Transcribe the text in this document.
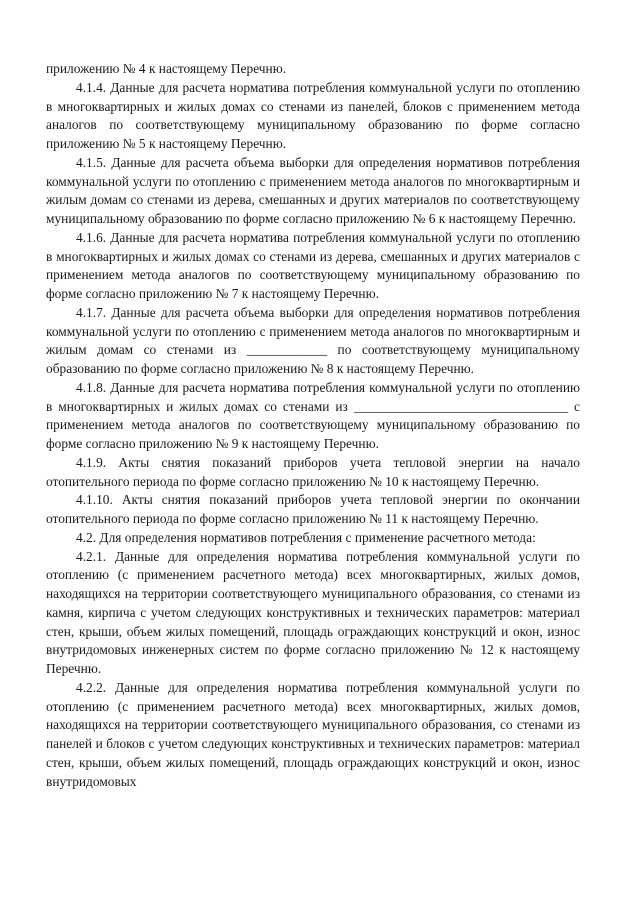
приложению № 4 к настоящему Перечню.

4.1.4. Данные для расчета норматива потребления коммунальной услуги по отоплению в многоквартирных и жилых домах со стенами из панелей, блоков с применением метода аналогов по соответствующему муниципальному образованию по форме согласно приложению № 5 к настоящему Перечню.

4.1.5. Данные для расчета объема выборки для определения нормативов потребления коммунальной услуги по отоплению с применением метода аналогов по многоквартирным и жилым домам со стенами из дерева, смешанных и других материалов по соответствующему муниципальному образованию по форме согласно приложению № 6 к настоящему Перечню.

4.1.6. Данные для расчета норматива потребления коммунальной услуги по отоплению в многоквартирных и жилых домах со стенами из дерева, смешанных и других материалов с применением метода аналогов по соответствующему муниципальному образованию по форме согласно приложению № 7 к настоящему Перечню.

4.1.7. Данные для расчета объема выборки для определения нормативов потребления коммунальной услуги по отоплению с применением метода аналогов по многоквартирным и жилым домам со стенами из ____________ по соответствующему муниципальному образованию по форме согласно приложению № 8 к настоящему Перечню.

4.1.8. Данные для расчета норматива потребления коммунальной услуги по отоплению в многоквартирных и жилых домах со стенами из ________________________________ с применением метода аналогов по соответствующему муниципальному образованию по форме согласно приложению № 9 к настоящему Перечню.

4.1.9. Акты снятия показаний приборов учета тепловой энергии на начало отопительного периода по форме согласно приложению № 10 к настоящему Перечню.

4.1.10. Акты снятия показаний приборов учета тепловой энергии по окончании отопительного периода по форме согласно приложению № 11 к настоящему Перечню.

4.2. Для определения нормативов потребления с применение расчетного метода:

4.2.1. Данные для определения норматива потребления коммунальной услуги по отоплению (с применением расчетного метода) всех многоквартирных, жилых домов, находящихся на территории соответствующего муниципального образования, со стенами из камня, кирпича с учетом следующих конструктивных и технических параметров: материал стен, крыши, объем жилых помещений, площадь ограждающих конструкций и окон, износ внутридомовых инженерных систем по форме согласно приложению № 12 к настоящему Перечню.

4.2.2. Данные для определения норматива потребления коммунальной услуги по отоплению (с применением расчетного метода) всех многоквартирных, жилых домов, находящихся на территории соответствующего муниципального образования, со стенами из панелей и блоков с учетом следующих конструктивных и технических параметров: материал стен, крыши, объем жилых помещений, площадь ограждающих конструкций и окон, износ внутридомовых
